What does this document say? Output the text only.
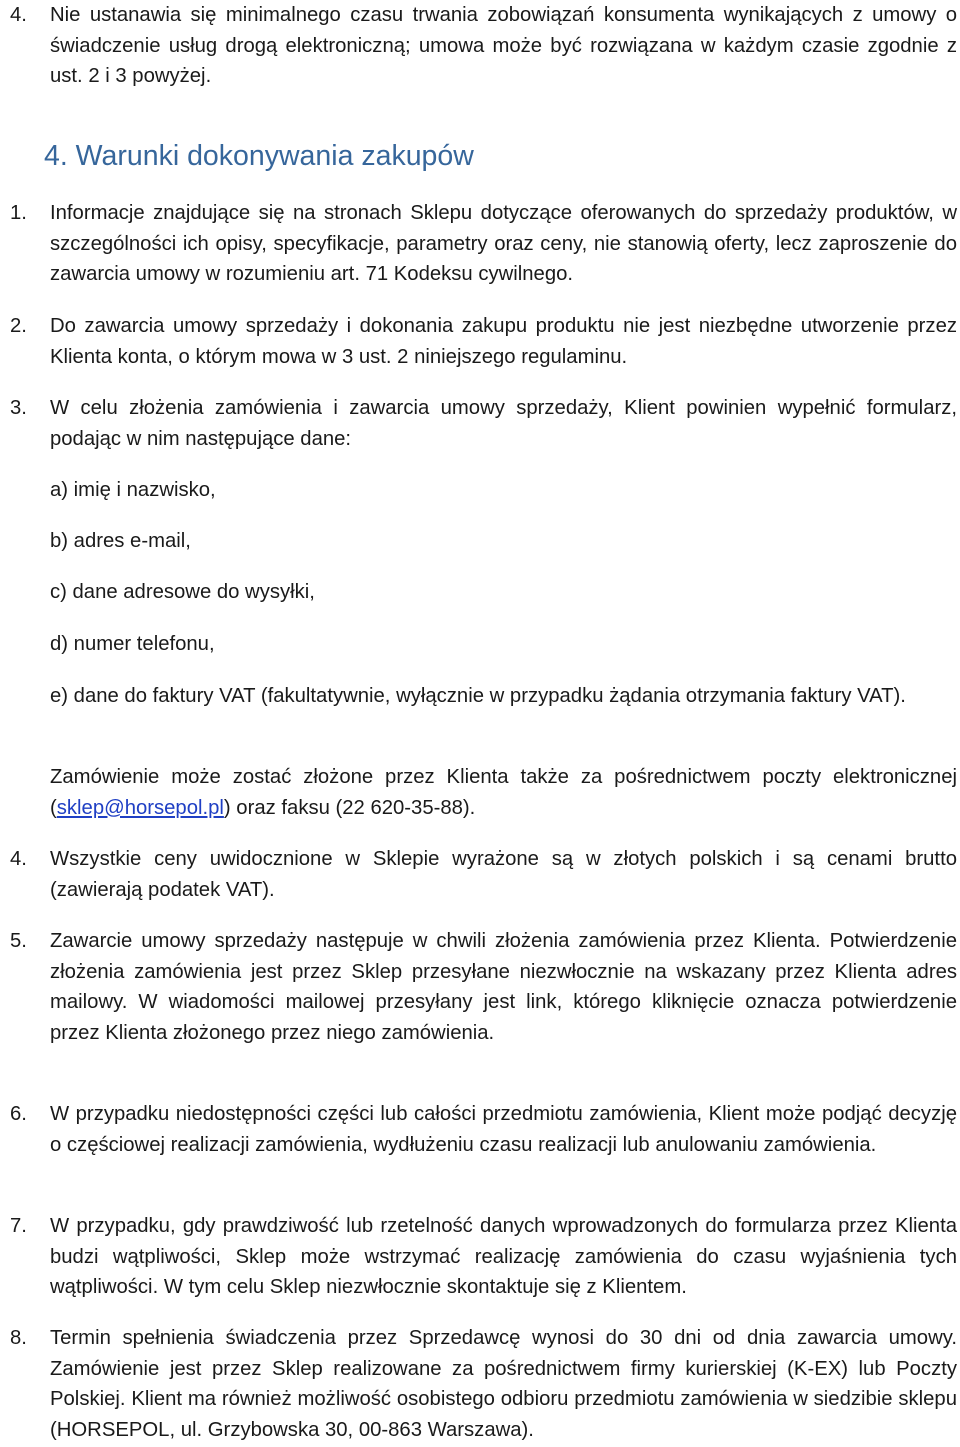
4. Nie ustanawia się minimalnego czasu trwania zobowiązań konsumenta wynikających z umowy o świadczenie usług drogą elektroniczną; umowa może być rozwiązana w każdym czasie zgodnie z ust. 2 i 3 powyżej.
4. Warunki dokonywania zakupów
1. Informacje znajdujące się na stronach Sklepu dotyczące oferowanych do sprzedaży produktów, w szczególności ich opisy, specyfikacje, parametry oraz ceny, nie stanowią oferty, lecz zaproszenie do zawarcia umowy w rozumieniu art. 71 Kodeksu cywilnego.
2. Do zawarcia umowy sprzedaży i dokonania zakupu produktu nie jest niezbędne utworzenie przez Klienta konta, o którym mowa w 3 ust. 2 niniejszego regulaminu.
3. W celu złożenia zamówienia i zawarcia umowy sprzedaży, Klient powinien wypełnić formularz, podając w nim następujące dane:
a) imię i nazwisko,
b) adres e-mail,
c) dane adresowe do wysyłki,
d) numer telefonu,
e) dane do faktury VAT (fakultatywnie, wyłącznie w przypadku żądania otrzymania faktury VAT).
Zamówienie może zostać złożone przez Klienta także za pośrednictwem poczty elektronicznej (sklep@horsepol.pl) oraz faksu (22 620-35-88).
4. Wszystkie ceny uwidocznione w Sklepie wyrażone są w złotych polskich i są cenami brutto (zawierają podatek VAT).
5. Zawarcie umowy sprzedaży następuje w chwili złożenia zamówienia przez Klienta. Potwierdzenie złożenia zamówienia jest przez Sklep przesyłane niezwłocznie na wskazany przez Klienta adres mailowy. W wiadomości mailowej przesyłany jest link, którego kliknięcie oznacza potwierdzenie przez Klienta złożonego przez niego zamówienia.
6. W przypadku niedostępności części lub całości przedmiotu zamówienia, Klient może podjąć decyzję o częściowej realizacji zamówienia, wydłużeniu czasu realizacji lub anulowaniu zamówienia.
7. W przypadku, gdy prawdziwość lub rzetelność danych wprowadzonych do formularza przez Klienta budzi wątpliwości, Sklep może wstrzymać realizację zamówienia do czasu wyjaśnienia tych wątpliwości. W tym celu Sklep niezwłocznie skontaktuje się z Klientem.
8. Termin spełnienia świadczenia przez Sprzedawcę wynosi do 30 dni od dnia zawarcia umowy. Zamówienie jest przez Sklep realizowane za pośrednictwem firmy kurierskiej (K-EX) lub Poczty Polskiej. Klient ma również możliwość osobistego odbioru przedmiotu zamówienia w siedzibie sklepu (HORSEPOL, ul. Grzybowska 30, 00-863 Warszawa).
